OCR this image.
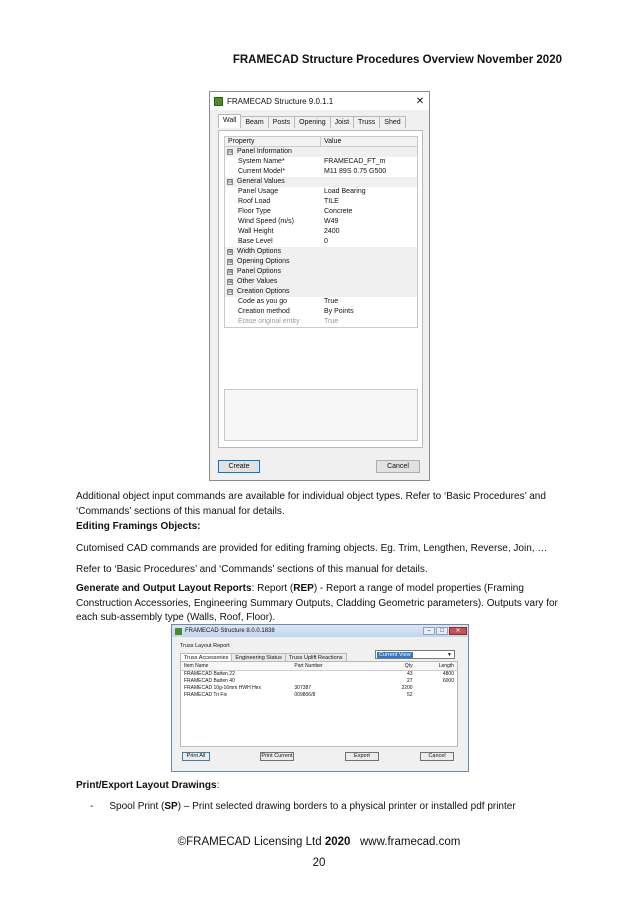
FRAMECAD Structure Procedures Overview November 2020
FRAMECAD Structure 9.0.1.1	✕
Wall	Beam	Posts	Opening	Joist	Truss	Shed
Property	Value
⊟ Panel Information
System Name*	FRAMECAD_FT_m
Current Model*	M11 89S 0.75 G500
⊟ General Values
Panel Usage	Load Bearing
Roof Load	TILE
Floor Type	Concrete
Wind Speed (m/s)	W49
Wall Height	2400
Base Level	0
⊞ Width Options
⊞ Opening Options
⊞ Panel Options
⊞ Other Values
⊟ Creation Options
Code as you go	True
Creation method	By Points
Erase original entity	True
Create	Cancel
Additional object input commands are available for individual object types. Refer to ‘Basic Procedures’ and ‘Commands’ sections of this manual for details.
Editing Framings Objects:
Cutomised CAD commands are provided for editing framing objects. Eg. Trim, Lengthen, Reverse, Join, …
Refer to ‘Basic Procedures’ and ‘Commands’ sections of this manual for details.
Generate and Output Layout Reports: Report (REP) - Report a range of model properties (Framing Construction Accessories, Engineering Summary Outputs, Cladding Geometric parameters). Outputs vary for each sub-assembly type (Walls, Roof, Floor).
FRAMECAD Structure 8.0.0.1838	–	□	✕
Truss Layout Report
Current View	▼
Truss Accessories	Engineering Status	Truss Uplift Reactions
Item Name	Part Number	Qty	Length
FRAMECAD Batten 22		43	4800
FRAMECAD Batten 40		27	6000
FRAMECAD 10g-16mm HWH Hex	307387	2200	
FRAMECAD Tri Fix	009806/8	52	
Print All	Print Current	Export	Cancel
Print/Export Layout Drawings:
- Spool Print (SP) – Print selected drawing borders to a physical printer or installed pdf printer
©FRAMECAD Licensing Ltd 2020   www.framecad.com
20
